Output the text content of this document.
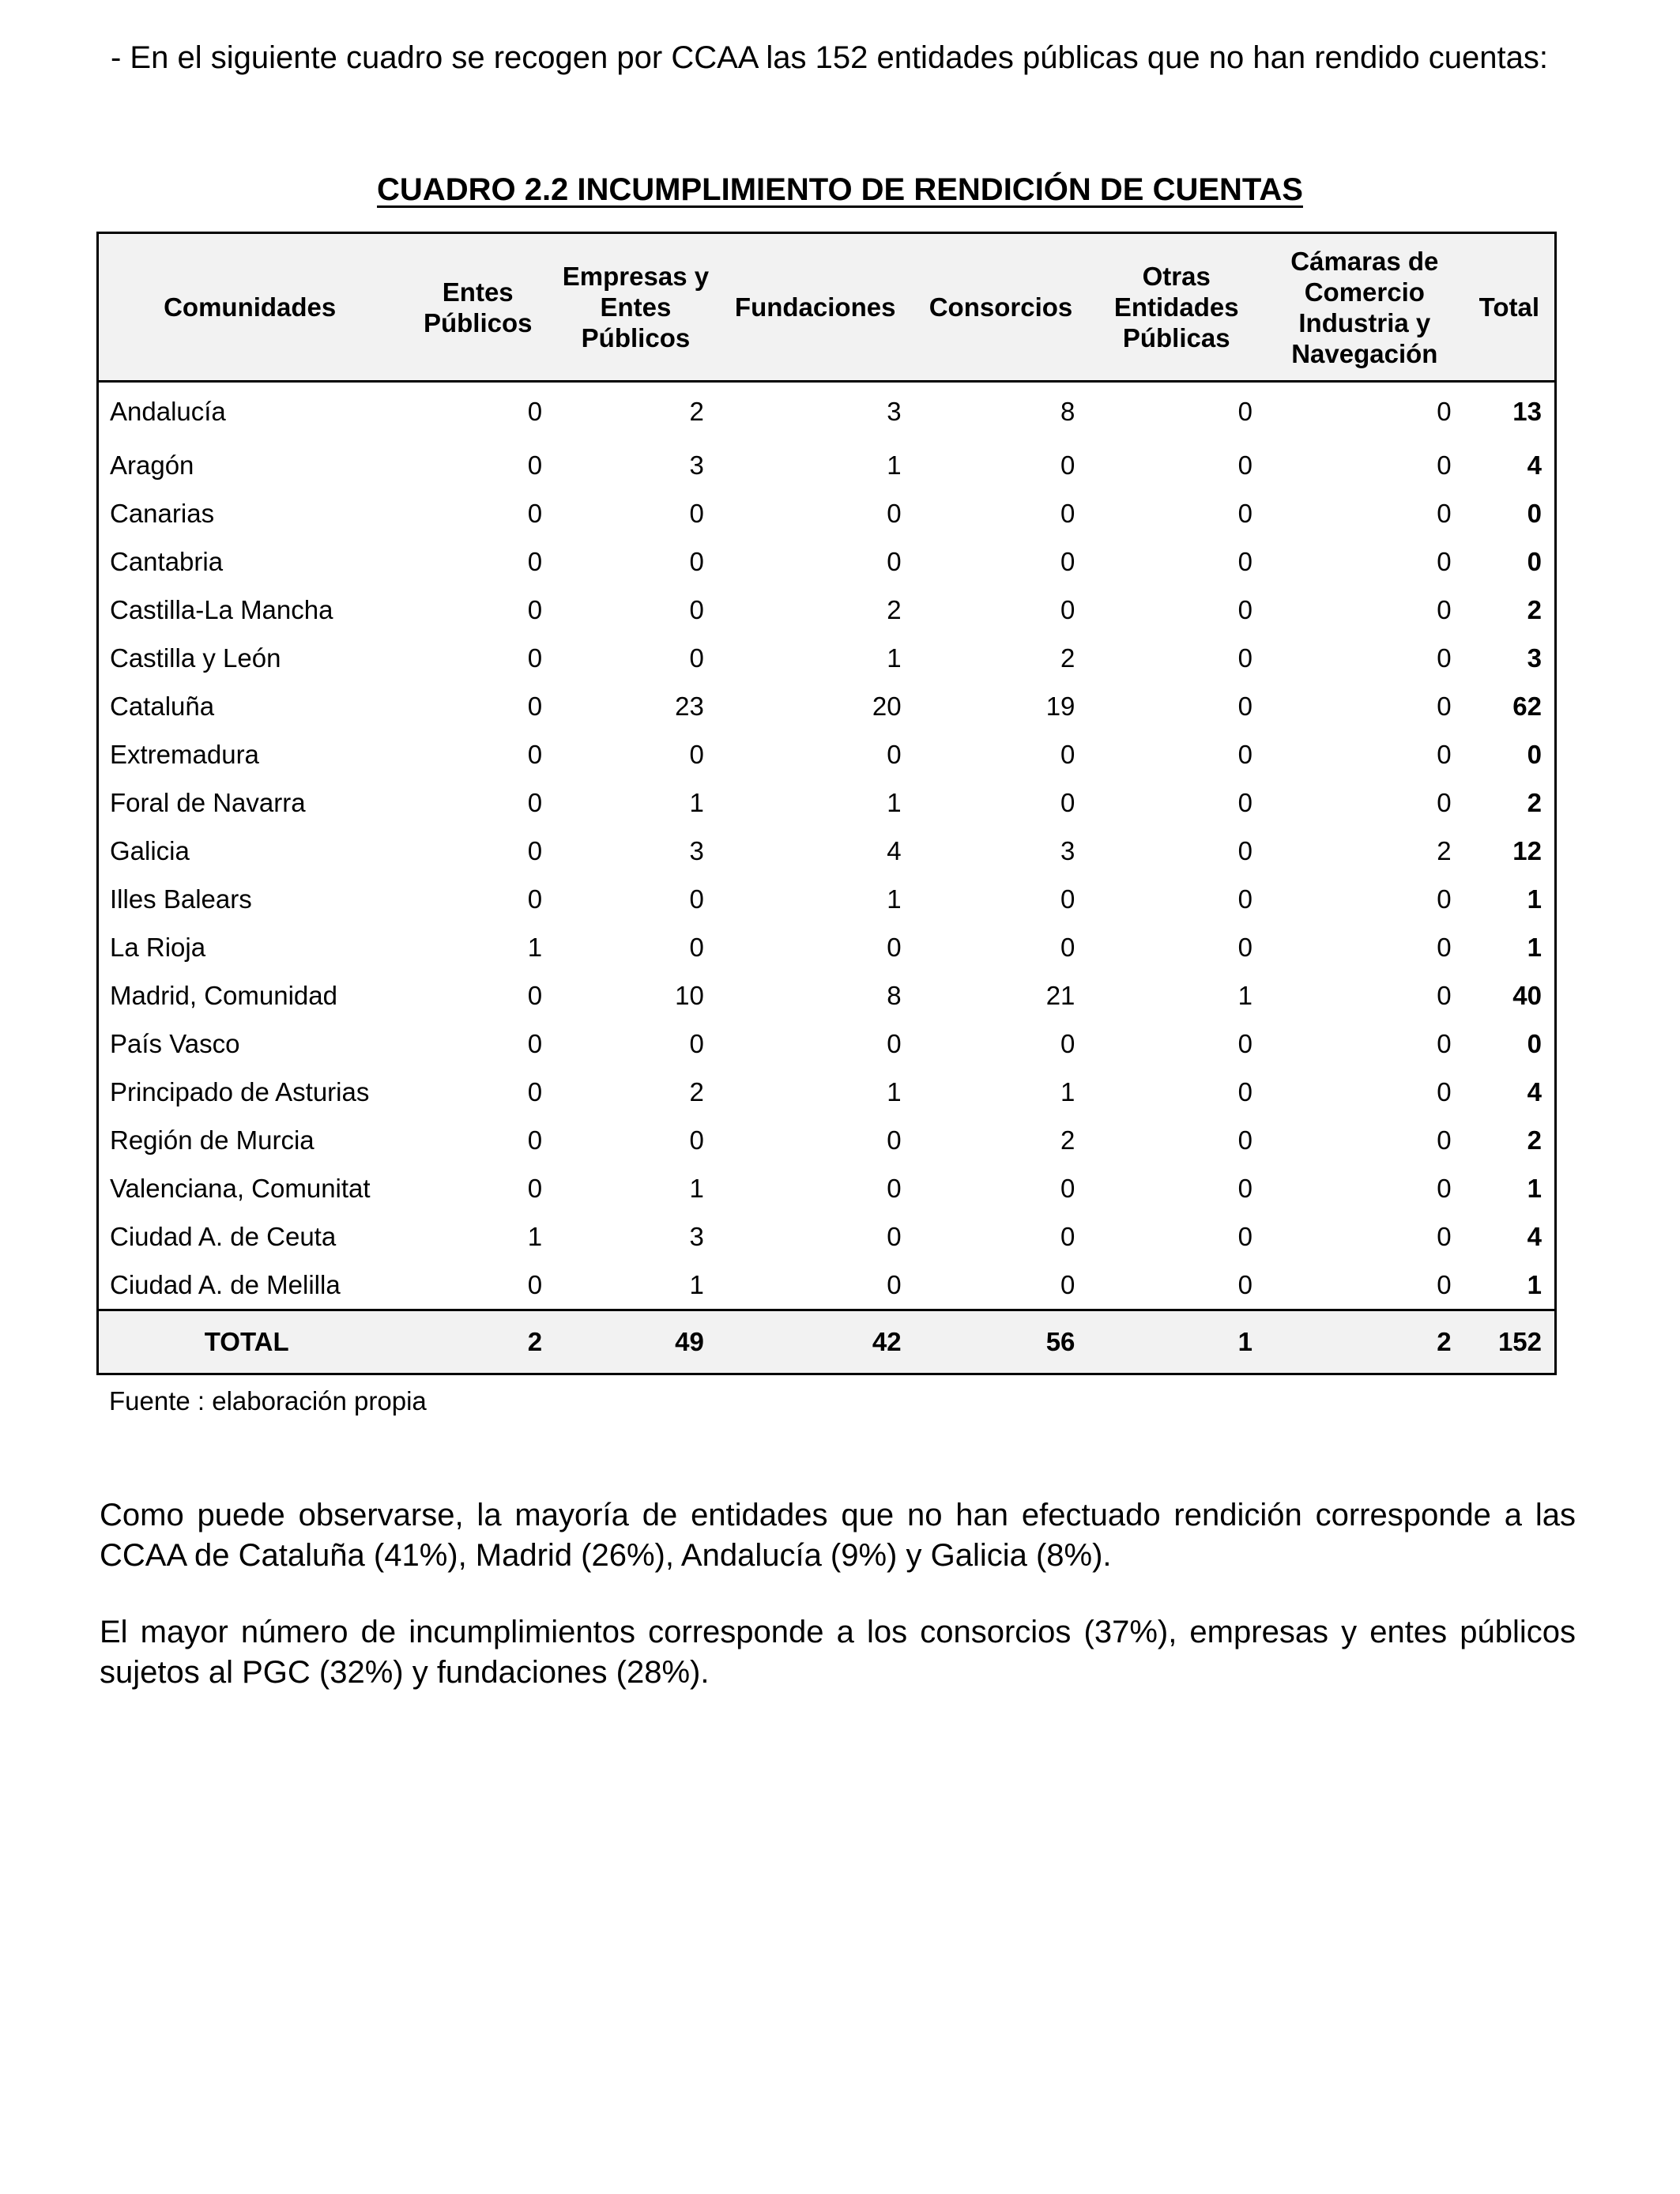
- En el siguiente cuadro se recogen por CCAA las 152 entidades públicas que no han rendido cuentas:

CUADRO 2.2 INCUMPLIMIENTO DE RENDICIÓN DE CUENTAS
Comunidades	Entes Públicos	Empresas y Entes Públicos	Fundaciones	Consorcios	Otras Entidades Públicas	Cámaras de Comercio Industria y Navegación	Total
Andalucía	0	2	3	8	0	0	13
Aragón	0	3	1	0	0	0	4
Canarias	0	0	0	0	0	0	0
Cantabria	0	0	0	0	0	0	0
Castilla-La Mancha	0	0	2	0	0	0	2
Castilla y León	0	0	1	2	0	0	3
Cataluña	0	23	20	19	0	0	62
Extremadura	0	0	0	0	0	0	0
Foral de Navarra	0	1	1	0	0	0	2
Galicia	0	3	4	3	0	2	12
Illes Balears	0	0	1	0	0	0	1
La Rioja	1	0	0	0	0	0	1
Madrid, Comunidad	0	10	8	21	1	0	40
País Vasco	0	0	0	0	0	0	0
Principado de Asturias	0	2	1	1	0	0	4
Región de Murcia	0	0	0	2	0	0	2
Valenciana, Comunitat	0	1	0	0	0	0	1
Ciudad A. de Ceuta	1	3	0	0	0	0	4
Ciudad A. de Melilla	0	1	0	0	0	0	1
TOTAL	2	49	42	56	1	2	152

Fuente : elaboración propia

Como puede observarse, la mayoría de entidades que no han efectuado rendición corresponde a las CCAA de Cataluña (41%), Madrid (26%), Andalucía (9%) y Galicia (8%).

El mayor número de incumplimientos corresponde a los consorcios (37%), empresas y entes públicos sujetos al PGC (32%) y fundaciones (28%).
